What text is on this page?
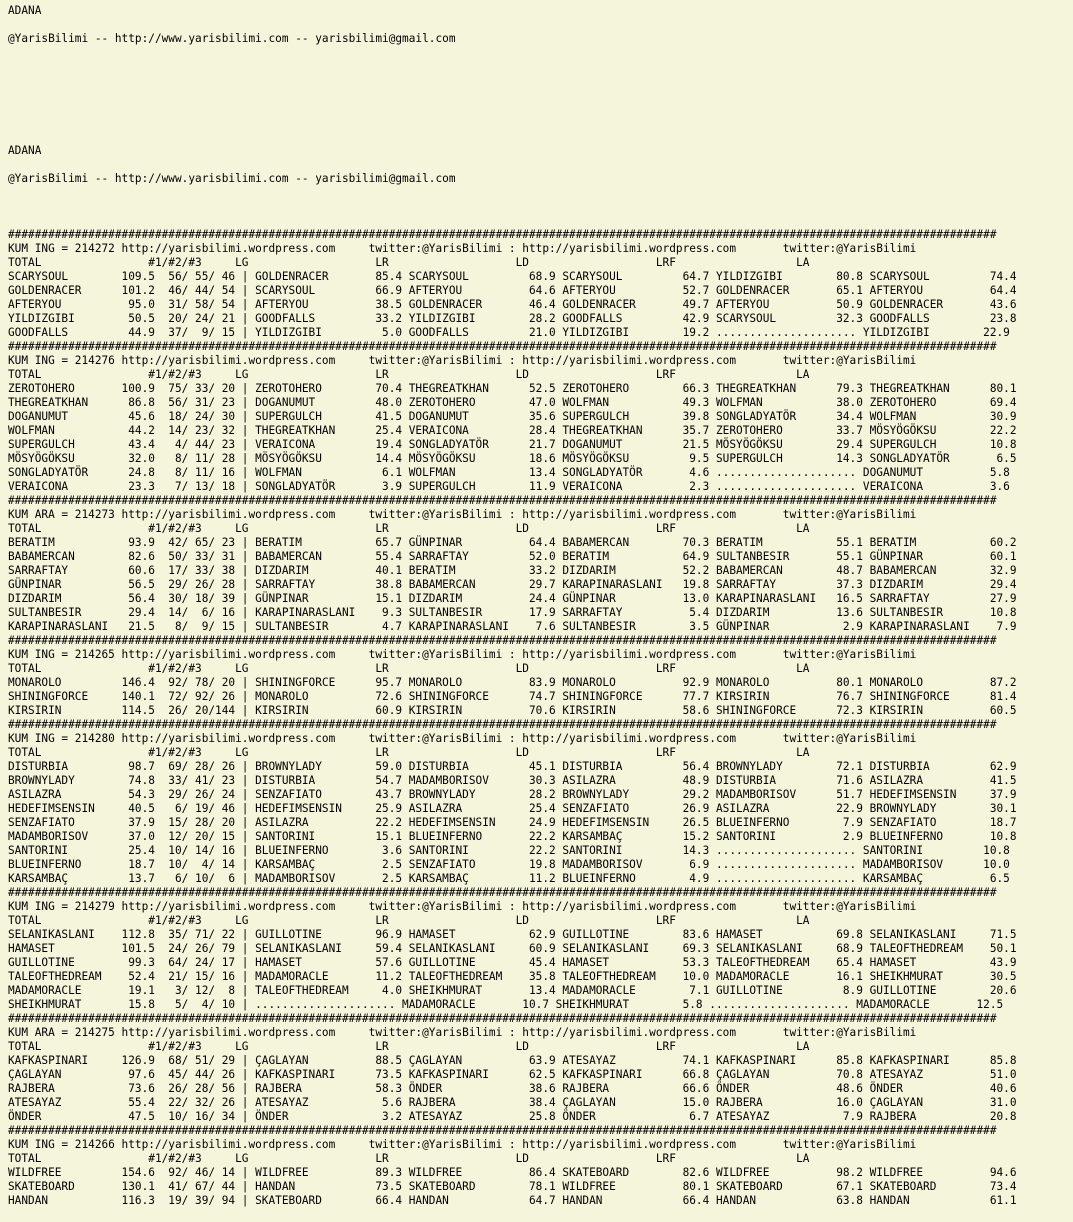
ADANA

@YarisBilimi -- http://www.yarisbilimi.com -- yarisbilimi@gmail.com

ADANA

@YarisBilimi -- http://www.yarisbilimi.com -- yarisbilimi@gmail.com

####################################################################################################################################################
KUM ING = 214272 http://yarisbilimi.wordpress.com     twitter:@YarisBilimi : http://yarisbilimi.wordpress.com       twitter:@YarisBilimi
TOTAL                #1/#2/#3     LG                   LR                   LD                   LRF                  LA
SCARYSOUL        109.5  56/ 55/ 46 | GOLDENRACER       85.4 SCARYSOUL         68.9 SCARYSOUL         64.7 YILDIZGIBI        80.8 SCARYSOUL         74.4
GOLDENRACER      101.2  46/ 44/ 54 | SCARYSOUL         66.9 AFTERYOU          64.6 AFTERYOU          52.7 GOLDENRACER       65.1 AFTERYOU          64.4
AFTERYOU          95.0  31/ 58/ 54 | AFTERYOU          38.5 GOLDENRACER       46.4 GOLDENRACER       49.7 AFTERYOU          50.9 GOLDENRACER       43.6
YILDIZGIBI        50.5  20/ 24/ 21 | GOODFALLS         33.2 YILDIZGIBI        28.2 GOODFALLS         42.9 SCARYSOUL         32.3 GOODFALLS         23.8
GOODFALLS         44.9  37/  9/ 15 | YILDIZGIBI         5.0 GOODFALLS         21.0 YILDIZGIBI        19.2 ..................... YILDIZGIBI        22.9
####################################################################################################################################################
KUM ING = 214276 http://yarisbilimi.wordpress.com     twitter:@YarisBilimi : http://yarisbilimi.wordpress.com       twitter:@YarisBilimi
TOTAL                #1/#2/#3     LG                   LR                   LD                   LRF                  LA
ZEROTOHERO       100.9  75/ 33/ 20 | ZEROTOHERO        70.4 THEGREATKHAN      52.5 ZEROTOHERO        66.3 THEGREATKHAN      79.3 THEGREATKHAN      80.1
THEGREATKHAN      86.8  56/ 31/ 23 | DOGANUMUT         48.0 ZEROTOHERO        47.0 WOLFMAN           49.3 WOLFMAN           38.0 ZEROTOHERO        69.4
DOGANUMUT         45.6  18/ 24/ 30 | SUPERGULCH        41.5 DOGANUMUT         35.6 SUPERGULCH        39.8 SONGLADYATÖR      34.4 WOLFMAN           30.9
WOLFMAN           44.2  14/ 23/ 32 | THEGREATKHAN      25.4 VERAICONA         28.4 THEGREATKHAN      35.7 ZEROTOHERO        33.7 MÖSYÖGÖKSU        22.2
SUPERGULCH        43.4   4/ 44/ 23 | VERAICONA         19.4 SONGLADYATÖR      21.7 DOGANUMUT         21.5 MÖSYÖGÖKSU        29.4 SUPERGULCH        10.8
MÖSYÖGÖKSU        32.0   8/ 11/ 28 | MÖSYÖGÖKSU        14.4 MÖSYÖGÖKSU        18.6 MÖSYÖGÖKSU         9.5 SUPERGULCH        14.3 SONGLADYATÖR       6.5
SONGLADYATÖR      24.8   8/ 11/ 16 | WOLFMAN            6.1 WOLFMAN           13.4 SONGLADYATÖR       4.6 ..................... DOGANUMUT          5.8
VERAICONA         23.3   7/ 13/ 18 | SONGLADYATÖR       3.9 SUPERGULCH        11.9 VERAICONA          2.3 ..................... VERAICONA          3.6
####################################################################################################################################################
KUM ARA = 214273 http://yarisbilimi.wordpress.com     twitter:@YarisBilimi : http://yarisbilimi.wordpress.com       twitter:@YarisBilimi
TOTAL                #1/#2/#3     LG                   LR                   LD                   LRF                  LA
BERATIM           93.9  42/ 65/ 23 | BERATIM           65.7 GÜNPINAR          64.4 BABAMERCAN        70.3 BERATIM           55.1 BERATIM           60.2
BABAMERCAN        82.6  50/ 33/ 31 | BABAMERCAN        55.4 SARRAFTAY         52.0 BERATIM           64.9 SULTANBESIR       55.1 GÜNPINAR          60.1
SARRAFTAY         60.6  17/ 33/ 38 | DIZDARIM          40.1 BERATIM           33.2 DIZDARIM          52.2 BABAMERCAN        48.7 BABAMERCAN        32.9
GÜNPINAR          56.5  29/ 26/ 28 | SARRAFTAY         38.8 BABAMERCAN        29.7 KARAPINARASLANI   19.8 SARRAFTAY         37.3 DIZDARIM          29.4
DIZDARIM          56.4  30/ 18/ 39 | GÜNPINAR          15.1 DIZDARIM          24.4 GÜNPINAR          13.0 KARAPINARASLANI   16.5 SARRAFTAY         27.9
SULTANBESIR       29.4  14/  6/ 16 | KARAPINARASLANI    9.3 SULTANBESIR       17.9 SARRAFTAY          5.4 DIZDARIM          13.6 SULTANBESIR       10.8
KARAPINARASLANI   21.5   8/  9/ 15 | SULTANBESIR        4.7 KARAPINARASLANI    7.6 SULTANBESIR        3.5 GÜNPINAR           2.9 KARAPINARASLANI    7.9
####################################################################################################################################################
KUM ING = 214265 http://yarisbilimi.wordpress.com     twitter:@YarisBilimi : http://yarisbilimi.wordpress.com       twitter:@YarisBilimi
TOTAL                #1/#2/#3     LG                   LR                   LD                   LRF                  LA
MONAROLO         146.4  92/ 78/ 20 | SHININGFORCE      95.7 MONAROLO          83.9 MONAROLO          92.9 MONAROLO          80.1 MONAROLO          87.2
SHININGFORCE     140.1  72/ 92/ 26 | MONAROLO          72.6 SHININGFORCE      74.7 SHININGFORCE      77.7 KIRSIRIN          76.7 SHININGFORCE      81.4
KIRSIRIN         114.5  26/ 20/144 | KIRSIRIN          60.9 KIRSIRIN          70.6 KIRSIRIN          58.6 SHININGFORCE      72.3 KIRSIRIN          60.5
####################################################################################################################################################
KUM ING = 214280 http://yarisbilimi.wordpress.com     twitter:@YarisBilimi : http://yarisbilimi.wordpress.com       twitter:@YarisBilimi
TOTAL                #1/#2/#3     LG                   LR                   LD                   LRF                  LA
DISTURBIA         98.7  69/ 28/ 26 | BROWNYLADY        59.0 DISTURBIA         45.1 DISTURBIA         56.4 BROWNYLADY        72.1 DISTURBIA         62.9
BROWNYLADY        74.8  33/ 41/ 23 | DISTURBIA         54.7 MADAMBORISOV      30.3 ASILAZRA          48.9 DISTURBIA         71.6 ASILAZRA          41.5
ASILAZRA          54.3  29/ 26/ 24 | SENZAFIATO        43.7 BROWNYLADY        28.2 BROWNYLADY        29.2 MADAMBORISOV      51.7 HEDEFIMSENSIN     37.9
HEDEFIMSENSIN     40.5   6/ 19/ 46 | HEDEFIMSENSIN     25.9 ASILAZRA          25.4 SENZAFIATO        26.9 ASILAZRA          22.9 BROWNYLADY        30.1
SENZAFIATO        37.9  15/ 28/ 20 | ASILAZRA          22.2 HEDEFIMSENSIN     24.9 HEDEFIMSENSIN     26.5 BLUEINFERNO        7.9 SENZAFIATO        18.7
MADAMBORISOV      37.0  12/ 20/ 15 | SANTORINI         15.1 BLUEINFERNO       22.2 KARSAMBAÇ         15.2 SANTORINI          2.9 BLUEINFERNO       10.8
SANTORINI         25.4  10/ 14/ 16 | BLUEINFERNO        3.6 SANTORINI         22.2 SANTORINI         14.3 ..................... SANTORINI         10.8
BLUEINFERNO       18.7  10/  4/ 14 | KARSAMBAÇ          2.5 SENZAFIATO        19.8 MADAMBORISOV       6.9 ..................... MADAMBORISOV      10.0
KARSAMBAÇ         13.7   6/ 10/  6 | MADAMBORISOV       2.5 KARSAMBAÇ         11.2 BLUEINFERNO        4.9 ..................... KARSAMBAÇ          6.5
####################################################################################################################################################
KUM ING = 214279 http://yarisbilimi.wordpress.com     twitter:@YarisBilimi : http://yarisbilimi.wordpress.com       twitter:@YarisBilimi
TOTAL                #1/#2/#3     LG                   LR                   LD                   LRF                  LA
SELANIKASLANI    112.8  35/ 71/ 22 | GUILLOTINE        96.9 HAMASET           62.9 GUILLOTINE        83.6 HAMASET           69.8 SELANIKASLANI     71.5
HAMASET          101.5  24/ 26/ 79 | SELANIKASLANI     59.4 SELANIKASLANI     60.9 SELANIKASLANI     69.3 SELANIKASLANI     68.9 TALEOFTHEDREAM    50.1
GUILLOTINE        99.3  64/ 24/ 17 | HAMASET           57.6 GUILLOTINE        45.4 HAMASET           53.3 TALEOFTHEDREAM    65.4 HAMASET           43.9
TALEOFTHEDREAM    52.4  21/ 15/ 16 | MADAMORACLE       11.2 TALEOFTHEDREAM    35.8 TALEOFTHEDREAM    10.0 MADAMORACLE       16.1 SHEIKHMURAT       30.5
MADAMORACLE       19.1   3/ 12/  8 | TALEOFTHEDREAM     4.0 SHEIKHMURAT       13.4 MADAMORACLE        7.1 GUILLOTINE         8.9 GUILLOTINE        20.6
SHEIKHMURAT       15.8   5/  4/ 10 | ..................... MADAMORACLE       10.7 SHEIKHMURAT        5.8 ..................... MADAMORACLE       12.5
####################################################################################################################################################
KUM ARA = 214275 http://yarisbilimi.wordpress.com     twitter:@YarisBilimi : http://yarisbilimi.wordpress.com       twitter:@YarisBilimi
TOTAL                #1/#2/#3     LG                   LR                   LD                   LRF                  LA
KAFKASPINARI     126.9  68/ 51/ 29 | ÇAGLAYAN          88.5 ÇAGLAYAN          63.9 ATESAYAZ          74.1 KAFKASPINARI      85.8 KAFKASPINARI      85.8
ÇAGLAYAN          97.6  45/ 44/ 26 | KAFKASPINARI      73.5 KAFKASPINARI      62.5 KAFKASPINARI      66.8 ÇAGLAYAN          70.8 ATESAYAZ          51.0
RAJBERA           73.6  26/ 28/ 56 | RAJBERA           58.3 ÖNDER             38.6 RAJBERA           66.6 ÖNDER             48.6 ÖNDER             40.6
ATESAYAZ          55.4  22/ 32/ 26 | ATESAYAZ           5.6 RAJBERA           38.4 ÇAGLAYAN          15.0 RAJBERA           16.0 ÇAGLAYAN          31.0
ÖNDER             47.5  10/ 16/ 34 | ÖNDER              3.2 ATESAYAZ          25.8 ÖNDER              6.7 ATESAYAZ           7.9 RAJBERA           20.8
####################################################################################################################################################
KUM ING = 214266 http://yarisbilimi.wordpress.com     twitter:@YarisBilimi : http://yarisbilimi.wordpress.com       twitter:@YarisBilimi
TOTAL                #1/#2/#3     LG                   LR                   LD                   LRF                  LA
WILDFREE         154.6  92/ 46/ 14 | WILDFREE          89.3 WILDFREE          86.4 SKATEBOARD        82.6 WILDFREE          98.2 WILDFREE          94.6
SKATEBOARD       130.1  41/ 67/ 44 | HANDAN            73.5 SKATEBOARD        78.1 WILDFREE          80.1 SKATEBOARD        67.1 SKATEBOARD        73.4
HANDAN           116.3  19/ 39/ 94 | SKATEBOARD        66.4 HANDAN            64.7 HANDAN            66.4 HANDAN            63.8 HANDAN            61.1
